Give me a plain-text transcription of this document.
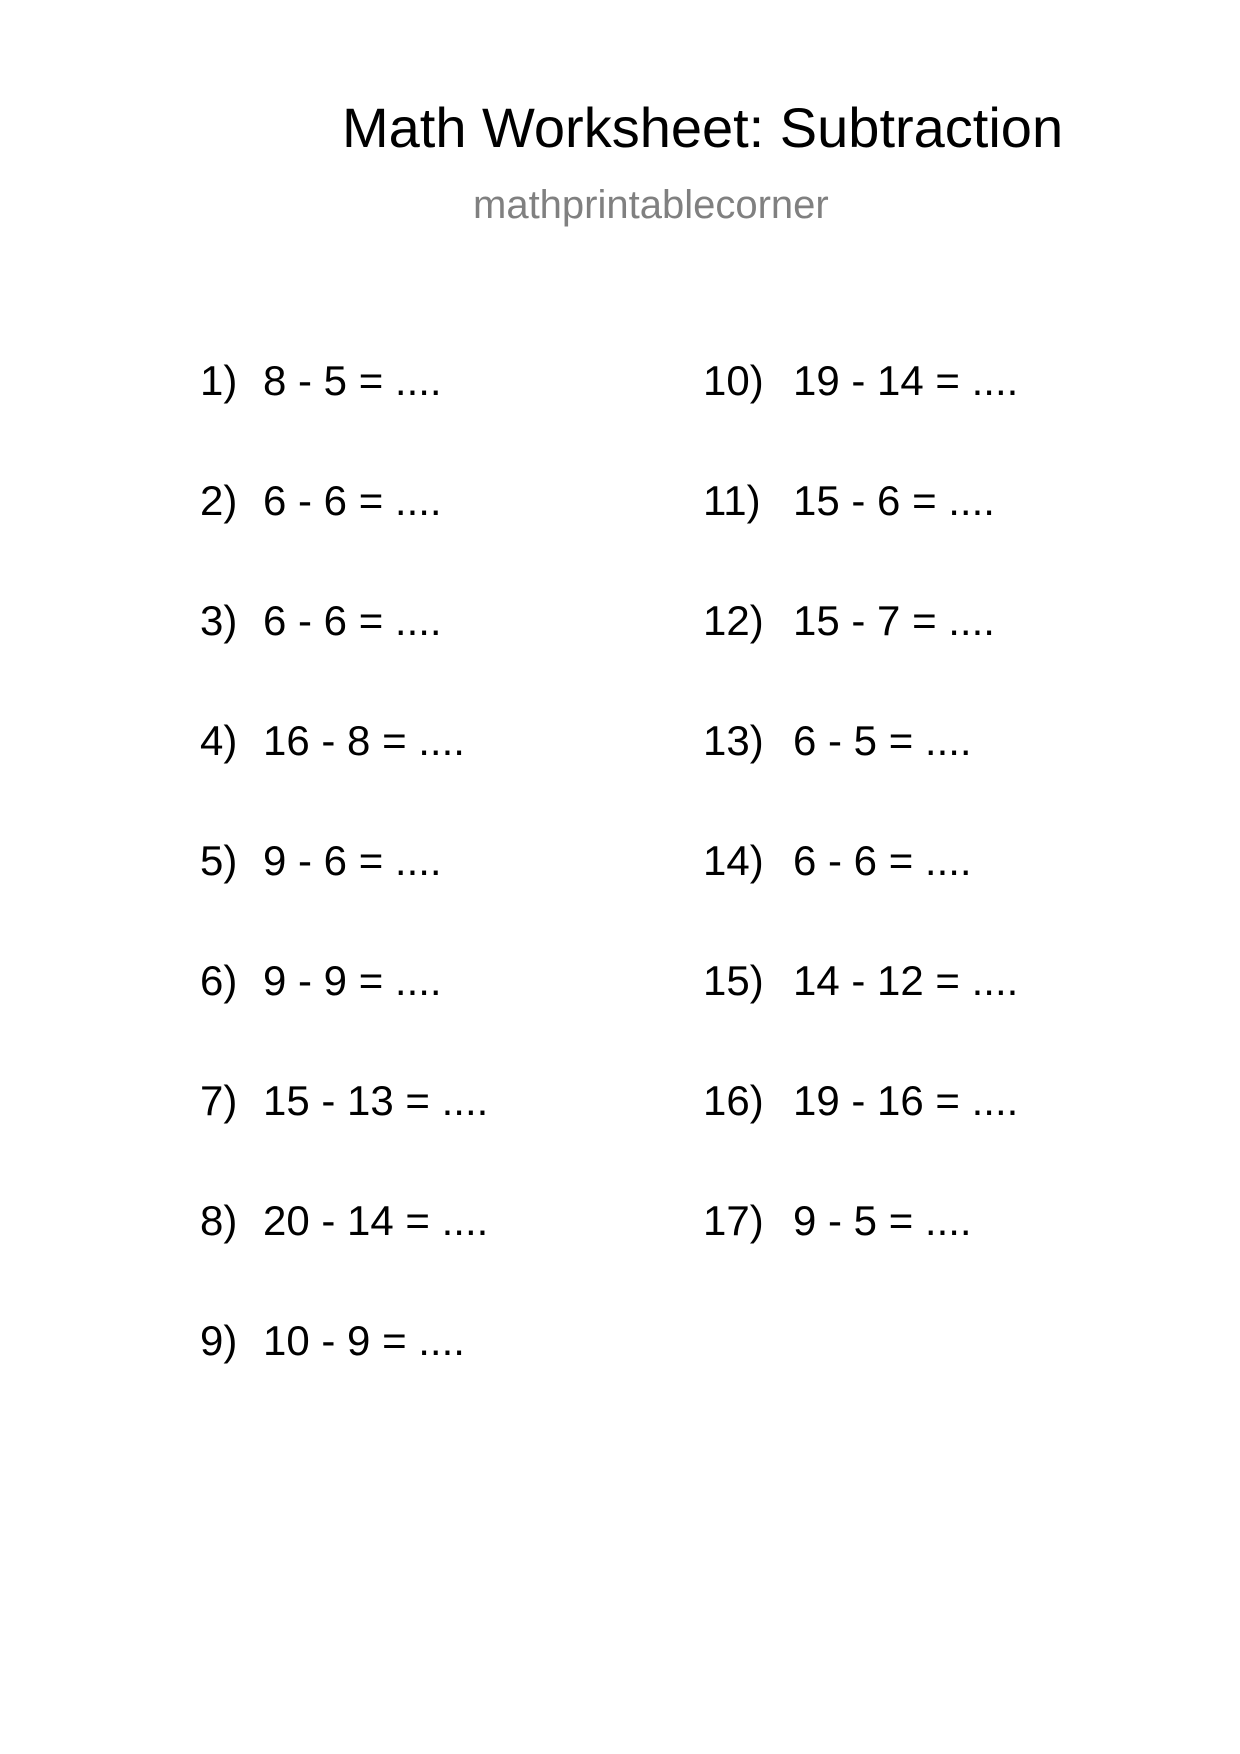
Math Worksheet: Subtraction
mathprintablecorner
1) 8 - 5 = ....
2) 6 - 6 = ....
3) 6 - 6 = ....
4) 16 - 8 = ....
5) 9 - 6 = ....
6) 9 - 9 = ....
7) 15 - 13 = ....
8) 20 - 14 = ....
9) 10 - 9 = ....
10) 19 - 14 = ....
11) 15 - 6 = ....
12) 15 - 7 = ....
13) 6 - 5 = ....
14) 6 - 6 = ....
15) 14 - 12 = ....
16) 19 - 16 = ....
17) 9 - 5 = ....
